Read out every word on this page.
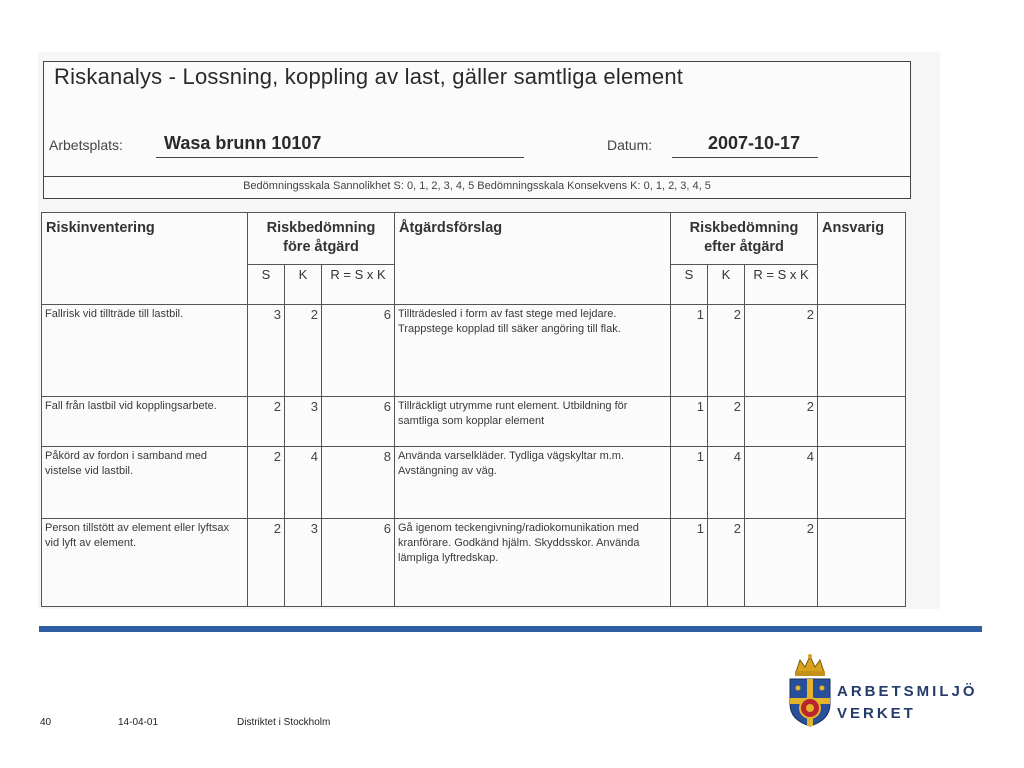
Riskanalys - Lossning, koppling av last, gäller samtliga element
Arbetsplats: Wasa brunn 10107	Datum:	2007-10-17
Bedömningsskala Sannolikhet S: 0, 1, 2, 3, 4, 5 Bedömningsskala Konsekvens K: 0, 1, 2, 3, 4, 5
Riskinventering	Riskbedömning före åtgärd			Åtgärdsförslag	Riskbedömning efter åtgärd			Ansvarig
	S	K	R = S x K		S	K	R = S x K	
Fallrisk vid tillträde till lastbil.	3	2	6	Tillträdesled i form av fast stege med lejdare. Trappstege kopplad till säker angöring till flak.	1	2	2	
Fall från lastbil vid kopplingsarbete.	2	3	6	Tillräckligt utrymme runt element. Utbildning för samtliga som kopplar element	1	2	2	
Påkörd av fordon i samband med vistelse vid lastbil.	2	4	8	Använda varselkläder. Tydliga vägskyltar m.m. Avstängning av väg.	1	4	4	
Person tillstött av element eller lyftsax vid lyft av element.	2	3	6	Gå igenom teckengivning/radiokomunikation med kranförare. Godkänd hjälm. Skyddsskor. Använda lämpliga lyftredskap.	1	2	2	
40	14-04-01	Distriktet i Stockholm
ARBETSMILJÖ
VERKET
